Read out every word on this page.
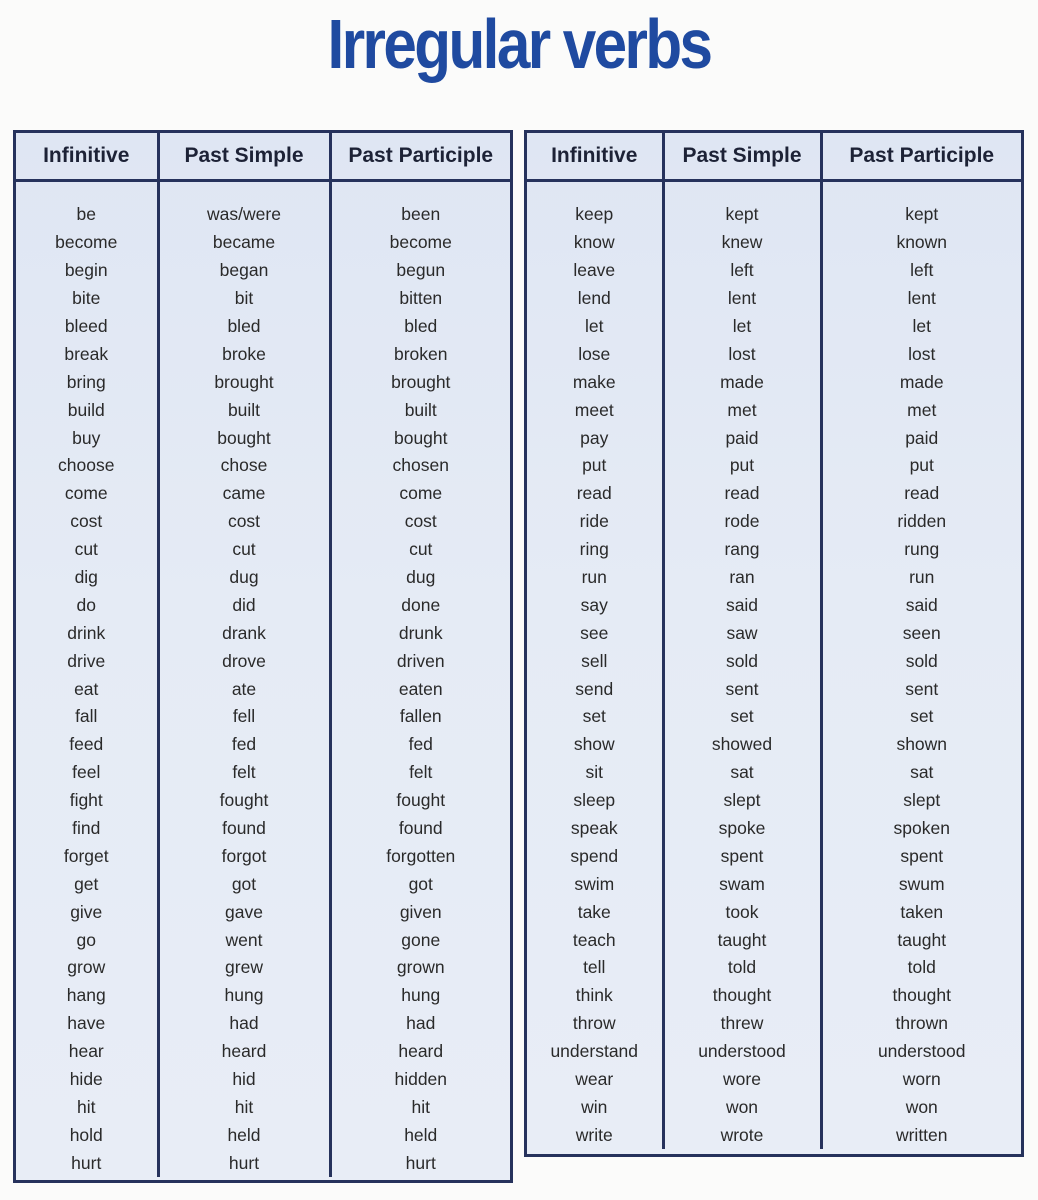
Irregular verbs
Infinitive	Past Simple	Past Participle

be	was/were	been
become	became	become
begin	began	begun
bite	bit	bitten
bleed	bled	bled
break	broke	broken
bring	brought	brought
build	built	built
buy	bought	bought
choose	chose	chosen
come	came	come
cost	cost	cost
cut	cut	cut
dig	dug	dug
do	did	done
drink	drank	drunk
drive	drove	driven
eat	ate	eaten
fall	fell	fallen
feed	fed	fed
feel	felt	felt
fight	fought	fought
find	found	found
forget	forgot	forgotten
get	got	got
give	gave	given
go	went	gone
grow	grew	grown
hang	hung	hung
have	had	had
hear	heard	heard
hide	hid	hidden
hit	hit	hit
hold	held	held
hurt	hurt	hurt
Infinitive	Past Simple	Past Participle

keep	kept	kept
know	knew	known
leave	left	left
lend	lent	lent
let	let	let
lose	lost	lost
make	made	made
meet	met	met
pay	paid	paid
put	put	put
read	read	read
ride	rode	ridden
ring	rang	rung
run	ran	run
say	said	said
see	saw	seen
sell	sold	sold
send	sent	sent
set	set	set
show	showed	shown
sit	sat	sat
sleep	slept	slept
speak	spoke	spoken
spend	spent	spent
swim	swam	swum
take	took	taken
teach	taught	taught
tell	told	told
think	thought	thought
throw	threw	thrown
understand	understood	understood
wear	wore	worn
win	won	won
write	wrote	written
